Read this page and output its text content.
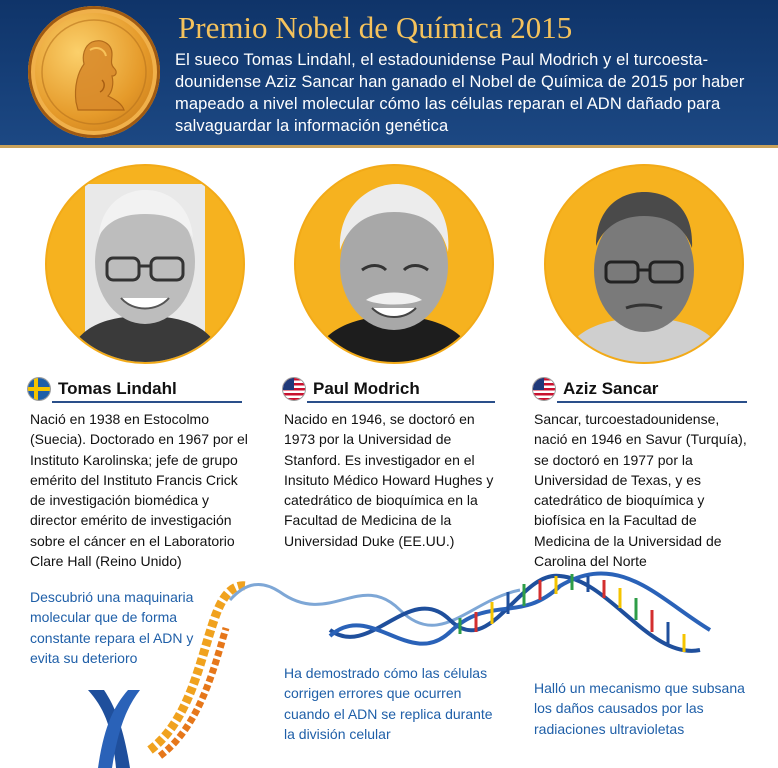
Premio Nobel de Química 2015

El sueco Tomas Lindahl, el estadounidense Paul Modrich y el turcoesta-dounidense Aziz Sancar han ganado el Nobel de Química de 2015 por haber mapeado a nivel molecular cómo las células reparan el ADN dañado para salvaguardar la información genética

Tomas Lindahl	Paul Modrich	Aziz Sancar

Nació en 1938 en Estocolmo (Suecia). Doctorado en 1967 por el Instituto Karolinska; jefe de grupo emérito del Instituto Francis Crick de investigación biomédica y director emérito de investigación sobre el cáncer en el Laboratorio Clare Hall (Reino Unido)

Nacido en 1946, se doctoró en 1973 por la Universidad de Stanford. Es investigador en el Insituto Médico Howard Hughes y catedrático de bioquímica en la Facultad de Medicina de la Universidad Duke (EE.UU.)

Sancar, turcoestadounidense, nació en 1946 en Savur (Turquía), se doctoró en 1977 por la Universidad de Texas, y es catedrático de bioquímica y biofísica en la Facultad de Medicina de la Universidad de Carolina del Norte

Descubrió una maquinaria molecular que de forma constante repara el ADN y evita su deterioro

Ha demostrado cómo las células corrigen errores que ocurren cuando el ADN se replica durante la división celular

Halló un mecanismo que subsana los daños causados por las radiaciones ultravioletas
